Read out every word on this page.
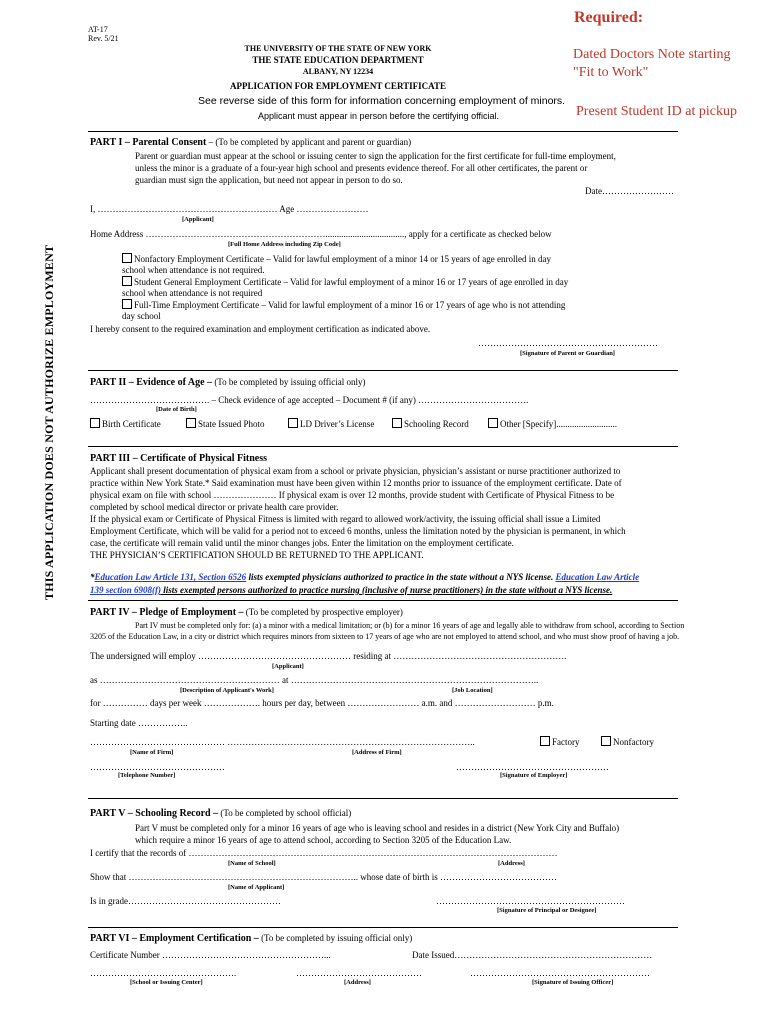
AT-17
Rev. 5/21
THE UNIVERSITY OF THE STATE OF NEW YORK
THE STATE EDUCATION DEPARTMENT
ALBANY, NY 12234
APPLICATION FOR EMPLOYMENT CERTIFICATE
See reverse side of this form for information concerning employment of minors.
Applicant must appear in person before the certifying official.
Required:
Dated Doctors Note starting
"Fit to Work"
Present Student ID at pickup
THIS APPLICATION DOES NOT AUTHORIZE EMPLOYMENT
PART I – Parental Consent – (To be completed by applicant and parent or guardian)
Parent or guardian must appear at the school or issuing center to sign the application for the first certificate for full-time employment,
unless the minor is a graduate of a four-year high school and presents evidence thereof. For all other certificates, the parent or
guardian must sign the application, but need not appear in person to do so.
Date……………………
I, …………………………………………………… Age ……………………
[Applicant]
Home Address ……………………………………………………..................................., apply for a certificate as checked below
[Full Home Address including Zip Code]
Nonfactory Employment Certificate – Valid for lawful employment of a minor 14 or 15 years of age enrolled in day
school when attendance is not required.
Student General Employment Certificate – Valid for lawful employment of a minor 16 or 17 years of age enrolled in day
school when attendance is not required
Full-Time Employment Certificate – Valid for lawful employment of a minor 16 or 17 years of age who is not attending
day school
I hereby consent to the required examination and employment certification as indicated above.
……………………………………………………
[Signature of Parent or Guardian]
PART II – Evidence of Age – (To be completed by issuing official only)
…………………………………. – Check evidence of age accepted – Document # (if any) ……………………………….
[Date of Birth]
Birth Certificate	State Issued Photo	LD Driver’s License	Schooling Record	Other [Specify]...........................
PART III – Certificate of Physical Fitness
Applicant shall present documentation of physical exam from a school or private physician, physician’s assistant or nurse practitioner authorized to
practice within New York State.* Said examination must have been given within 12 months prior to issuance of the employment certificate. Date of
physical exam on file with school ………………… If physical exam is over 12 months, provide student with Certificate of Physical Fitness to be
completed by school medical director or private health care provider.
If the physical exam or Certificate of Physical Fitness is limited with regard to allowed work/activity, the issuing official shall issue a Limited
Employment Certificate, which will be valid for a period not to exceed 6 months, unless the limitation noted by the physician is permanent, in which
case, the certificate will remain valid until the minor changes jobs. Enter the limitation on the employment certificate.
THE PHYSICIAN’S CERTIFICATION SHOULD BE RETURNED TO THE APPLICANT.
*Education Law Article 131, Section 6526 lists exempted physicians authorized to practice in the state without a NYS license. Education Law Article
139 section 6908(f) lists exempted persons authorized to practice nursing (inclusive of nurse practitioners) in the state without a NYS license.
PART IV – Pledge of Employment – (To be completed by prospective employer)
Part IV must be completed only for: (a) a minor with a medical limitation; or (b) for a minor 16 years of age and legally able to withdraw from school, according to Section
3205 of the Education Law, in a city or district which requires minors from sixteen to 17 years of age who are not employed to attend school, and who must show proof of having a job.
The undersigned will employ …………………………………………… residing at ………………………………………………….
[Applicant]
as …………………………………………………… at ………………………………………………………………………..
[Description of Applicant's Work]	[Job Location]
for …………… days per week ………………. hours per day, between …………………… a.m. and ……………………… p.m.
Starting date ……………..
……………………………………… ………………………………………………………………………..	Factory	Nonfactory
[Name of Firm]	[Address of Firm]
………………………………………	……………………………………………
[Telephone Number]	[Signature of Employer]
PART V – Schooling Record – (To be completed by school official)
Part V must be completed only for a minor 16 years of age who is leaving school and resides in a district (New York City and Buffalo)
which require a minor 16 years of age to attend school, according to Section 3205 of the Education Law.
I certify that the records of ……………………………………………………………………………………………………………
[Name of School]	[Address]
Show that ………………………………………………………………….. whose date of birth is …………………………………
[Name of Applicant]
Is in grade……………………………………………	………………………………………………………
[Signature of Principal or Designee]
PART VI – Employment Certification – (To be completed by issuing official only)
Certificate Number ………………………………………………...	Date Issued…………………………………………………………
………………………………………….	……………………………………	……………………………………………………
[School or Issuing Center]	[Address]	[Signature of Issuing Officer]
